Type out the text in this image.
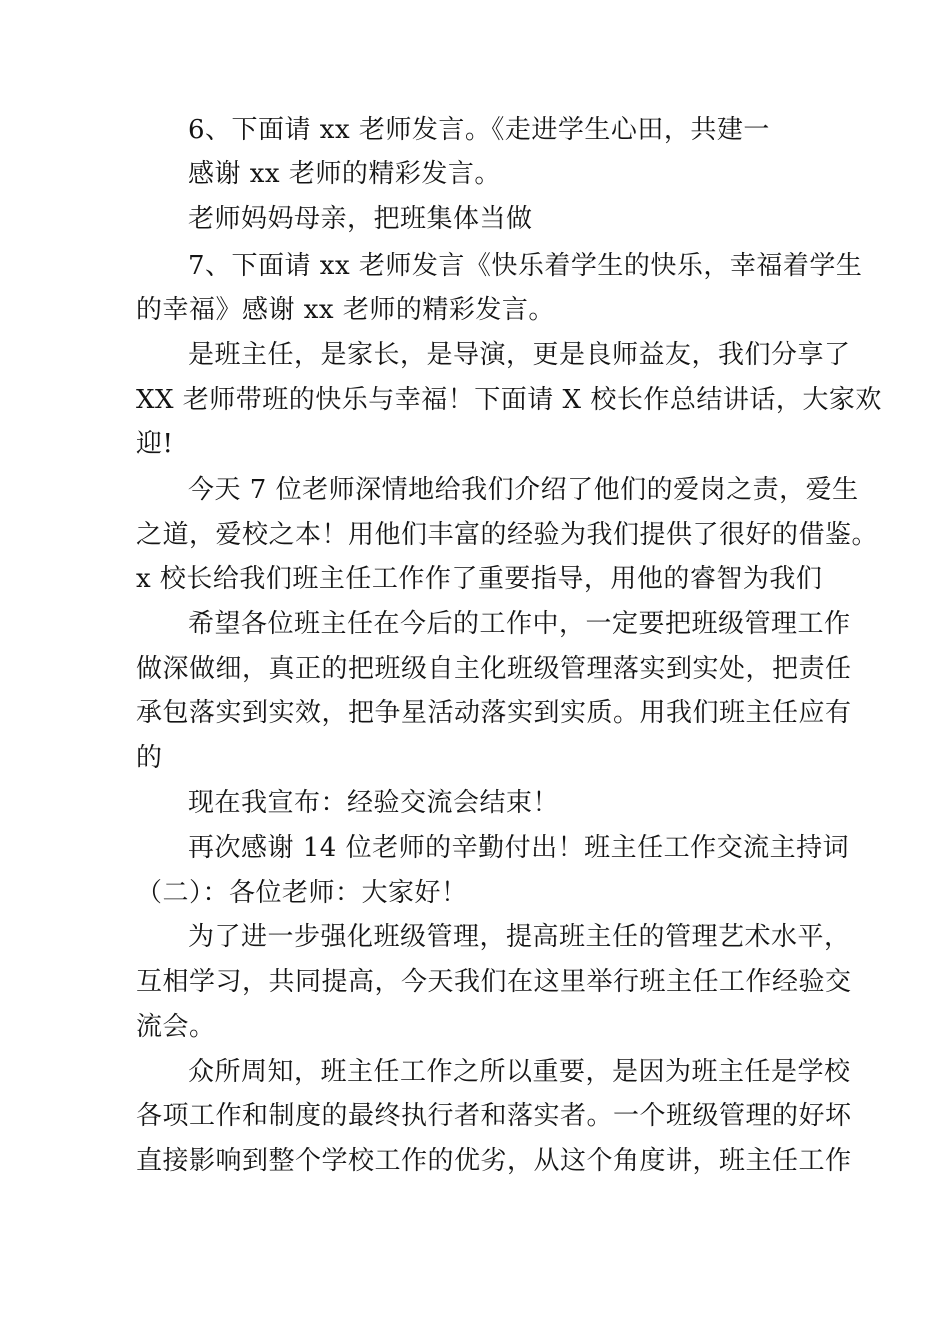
6、下面请 xx 老师发言。《走进学生心田，共建一
感谢 xx 老师的精彩发言。
老师妈妈母亲，把班集体当做
7、下面请 xx 老师发言《快乐着学生的快乐，幸福着学生
的幸福》感谢 xx 老师的精彩发言。
是班主任，是家长，是导演，更是良师益友，我们分享了
XX 老师带班的快乐与幸福！下面请 X 校长作总结讲话，大家欢
迎!
今天 7 位老师深情地给我们介绍了他们的爱岗之责，爱生
之道，爱校之本！用他们丰富的经验为我们提供了很好的借鉴。
x 校长给我们班主任工作作了重要指导，用他的睿智为我们
希望各位班主任在今后的工作中，一定要把班级管理工作
做深做细，真正的把班级自主化班级管理落实到实处，把责任
承包落实到实效，把争星活动落实到实质。用我们班主任应有
的
现在我宣布：经验交流会结束！
再次感谢 14 位老师的辛勤付出！班主任工作交流主持词
（二）：各位老师：大家好！
为了进一步强化班级管理，提高班主任的管理艺术水平，
互相学习，共同提高，今天我们在这里举行班主任工作经验交
流会。
众所周知，班主任工作之所以重要，是因为班主任是学校
各项工作和制度的最终执行者和落实者。一个班级管理的好坏
直接影响到整个学校工作的优劣，从这个角度讲，班主任工作
